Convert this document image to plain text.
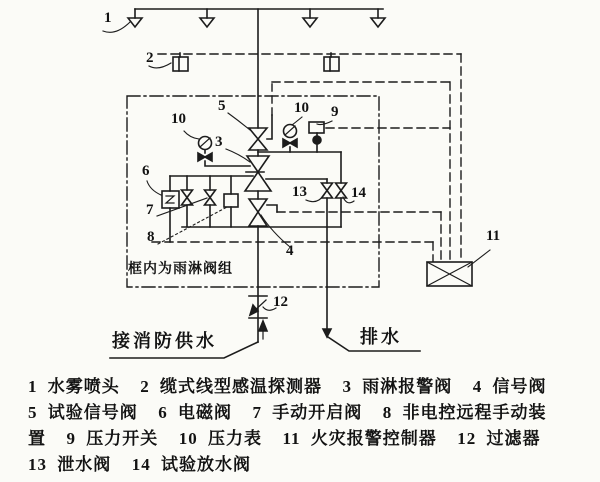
1
2
5
3
10
10 9
6
7
8
13	14
4
12
11
框内为雨淋阀组
接消防供水	排水
1 水雾喷头  2 缆式线型感温探测器  3 雨淋报警阀  4 信号阀
5 试验信号阀  6 电磁阀  7 手动开启阀  8 非电控远程手动装
置  9 压力开关  10 压力表  11 火灾报警控制器  12 过滤器
13 泄水阀  14 试验放水阀
